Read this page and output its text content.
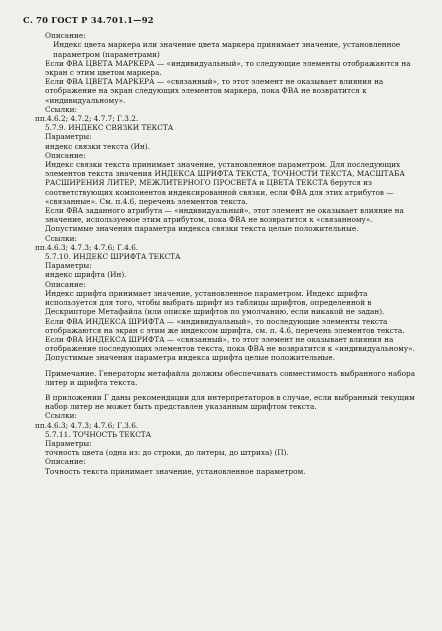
С. 70 ГОСТ Р 34.701.1—92
Описание:
Индекс цвета маркера или значение цвета маркера принимает значение, установленное параметром (параметрами)
Если ФВА ЦВЕТА МАРКЕРА — «индивидуальный», то следующие элементы отображаются на экран с этим цветом маркера.
Если ФВА ЦВЕТА МАРКЕРА — «связанный», то этот элемент не оказывает влияния на отображение на экран следующих элементов маркера, пока ФВА не возвратится к «индивидуальному».
Ссылки:
пп.4.6.2; 4.7.2; 4.7.7; Г.3.2.
5.7.9. ИНДЕКС СВЯЗКИ ТЕКСТА
Параметры:
индекс связки текста (Ин).
Описание:
Индекс связки текста принимает значение, установленное параметром. Для последующих элементов текста значения ИНДЕКСА ШРИФТА ТЕКСТА, ТОЧНОСТИ ТЕКСТА, МАСШТАБА РАСШИРЕНИЯ ЛИТЕР, МЕЖЛИТЕРНОГО ПРОСВЕТА и ЦВЕТА ТЕКСТА берутся из соответствующих компонентов индексированной связки, если ФВА для этих атрибутов — «связанные». См. п.4.6, перечень элементов текста.
Если ФВА заданного атрибута — «индивидуальный», этот элемент не оказывает влияние на значение, используемое этим атрибутом, пока ФВА не возвратится к «связанному».
Допустимые значения параметра индекса связки текста целые положительные.
Ссылки:
пп.4.6.3; 4.7.3; 4.7.6; Г.4.6.
5.7.10. ИНДЕКС ШРИФТА ТЕКСТА
Параметры:
индекс шрифта (Ин).
Описание:
Индекс шрифта принимает значение, установленное параметром. Индекс шрифта используется для того, чтобы выбрать шрифт из таблицы шрифтов, определенной в Дескрипторе Метафайла (или описке шрифтов по умолчанию, если никакой не задан).
Если ФВА ИНДЕКСА ШРИФТА — «индивидуальный», то последующие элементы текста отображаются на экран с этим же индексом шрифта, см. п. 4.6, перечень элементов текста.
Если ФВА ИНДЕКСА ШРИФТА — «связанный», то этот элемент не оказывает влияния на отображение последующих элементов текста, пока ФВА не возвратится к «индивидуальному».
Допустимые значения параметра индекса шрифта целые положительные.
Примечание. Генераторы метафайла должны обеспечивать совместимость выбранного набора литер и шрифта текста.
В приложении Г даны рекомендации для интерпретаторов в случае, если выбранный текущим набор литер не может быть представлен указанным шрифтом текста.
Ссылки:
пп.4.6.3; 4.7.3; 4.7.6; Г.3.6.
5.7.11. ТОЧНОСТЬ ТЕКСТА
Параметры:
точность цвета (одна из: до строки, до литеры, до штриха) (П).
Описание:
Точность текста принимает значение, установленное параметром.
